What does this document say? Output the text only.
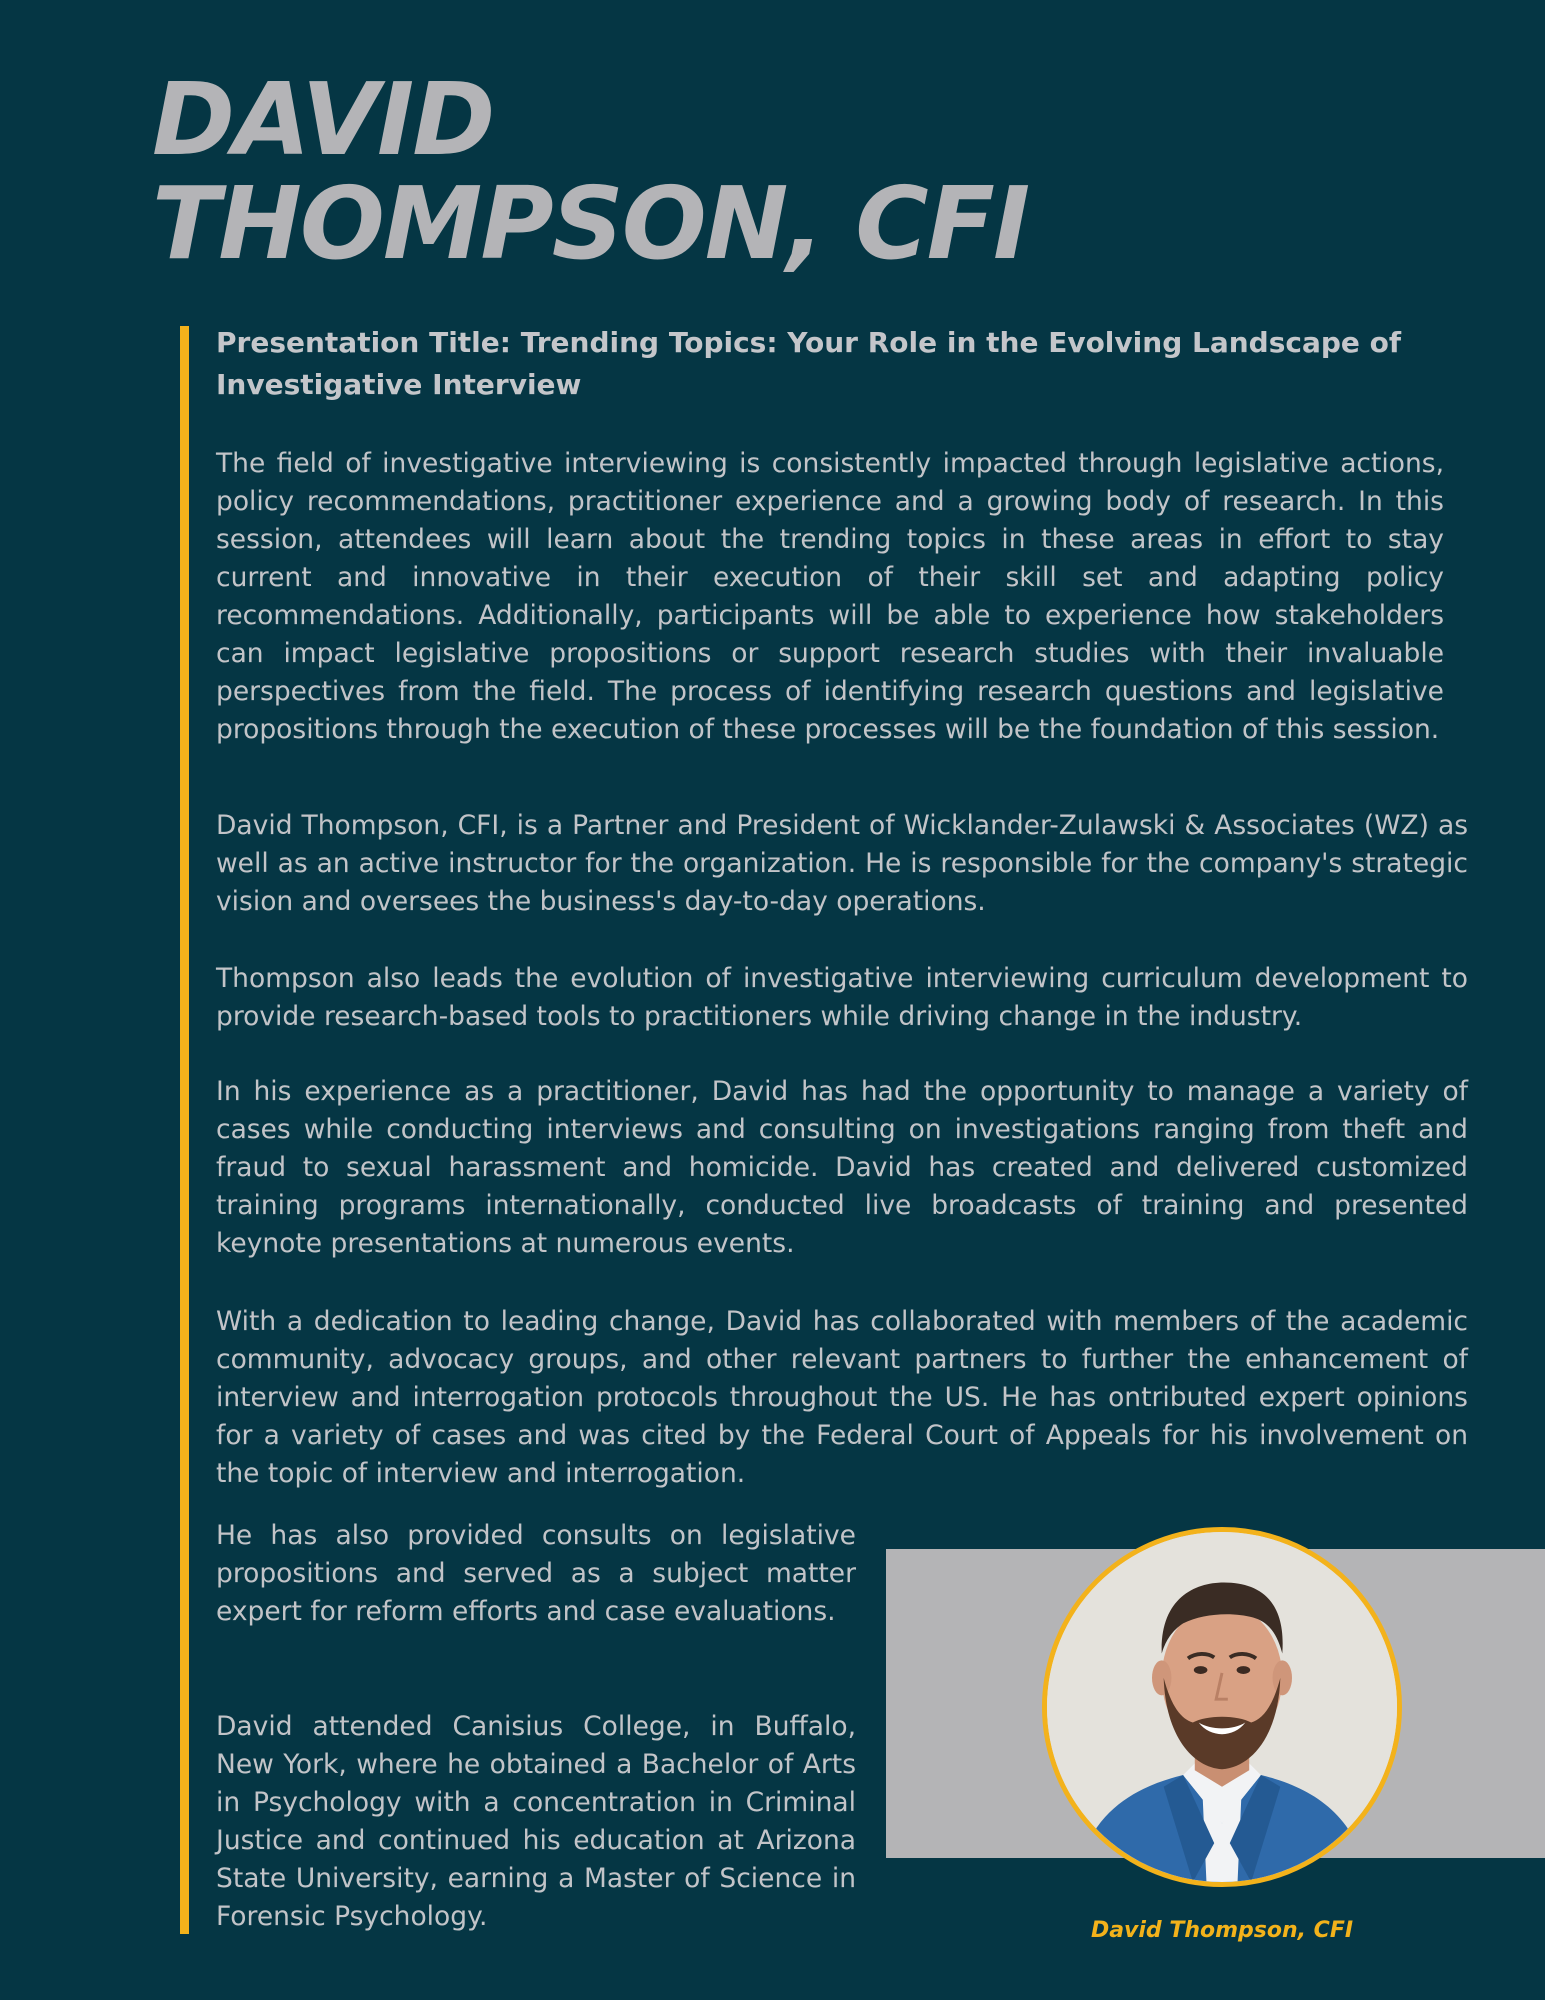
DAVID
THOMPSON, CFI
Presentation Title: Trending Topics: Your Role in the Evolving Landscape of Investigative Interview

The field of investigative interviewing is consistently impacted through legislative actions, policy recommendations, practitioner experience and a growing body of research. In this session, attendees will learn about the trending topics in these areas in effort to stay current and innovative in their execution of their skill set and adapting policy recommendations. Additionally, participants will be able to experience how stakeholders can impact legislative propositions or support research studies with their invaluable perspectives from the field. The process of identifying research questions and legislative propositions through the execution of these processes will be the foundation of this session.

David Thompson, CFI, is a Partner and President of Wicklander-Zulawski & Associates (WZ) as well as an active instructor for the organization. He is responsible for the company's strategic vision and oversees the business's day-to-day operations.

Thompson also leads the evolution of investigative interviewing curriculum development to provide research-based tools to practitioners while driving change in the industry.

In his experience as a practitioner, David has had the opportunity to manage a variety of cases while conducting interviews and consulting on investigations ranging from theft and fraud to sexual harassment and homicide. David has created and delivered customized training programs internationally, conducted live broadcasts of training and presented keynote presentations at numerous events.

With a dedication to leading change, David has collaborated with members of the academic community, advocacy groups, and other relevant partners to further the enhancement of interview and interrogation protocols throughout the US. He has ontributed expert opinions for a variety of cases and was cited by the Federal Court of Appeals for his involvement on the topic of interview and interrogation.

He has also provided consults on legislative propositions and served as a subject matter expert for reform efforts and case evaluations.

David attended Canisius College, in Buffalo, New York, where he obtained a Bachelor of Arts in Psychology with a concentration in Criminal Justice and continued his education at Arizona State University, earning a Master of Science in Forensic Psychology.	David Thompson, CFI
